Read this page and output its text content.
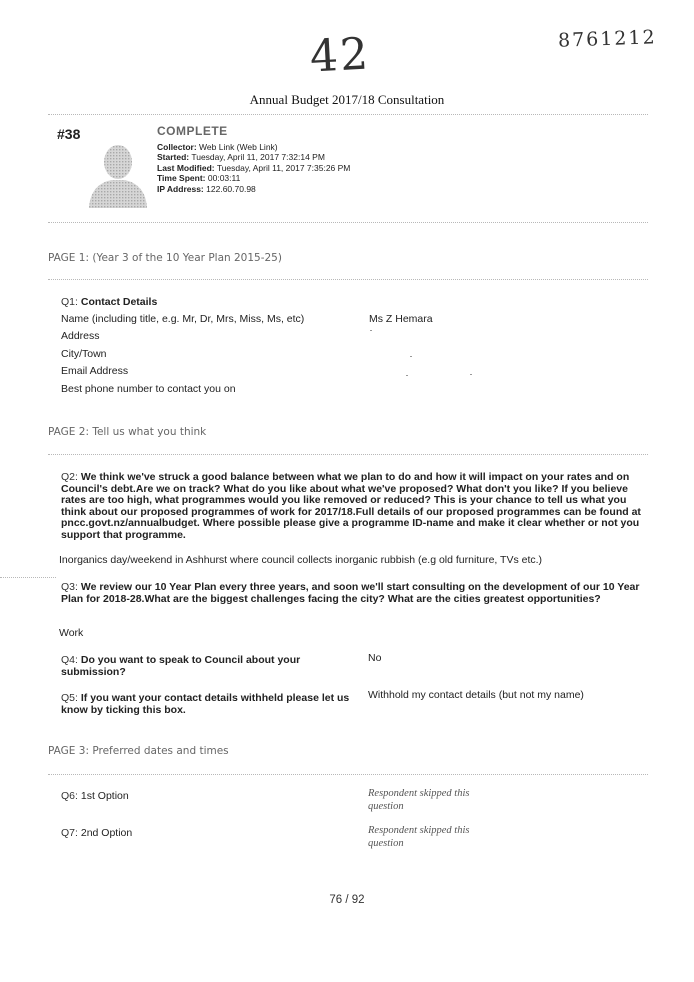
42	8761212
Annual Budget 2017/18 Consultation
#38	COMPLETE
Collector: Web Link (Web Link)
Started: Tuesday, April 11, 2017 7:32:14 PM
Last Modified: Tuesday, April 11, 2017 7:35:26 PM
Time Spent: 00:03:11
IP Address: 122.60.70.98
PAGE 1: (Year 3 of the 10 Year Plan 2015-25)
Q1: Contact Details
Name (including title, e.g. Mr, Dr, Mrs, Miss, Ms, etc)	Ms Z Hemara
Address
City/Town
Email Address
Best phone number to contact you on
PAGE 2: Tell us what you think
Q2: We think we've struck a good balance between what we plan to do and how it will impact on your rates and on Council's debt.Are we on track? What do you like about what we've proposed? What don't you like? If you believe rates are too high, what programmes would you like removed or reduced? This is your chance to tell us what you think about our proposed programmes of work for 2017/18.Full details of our proposed programmes can be found at pncc.govt.nz/annualbudget. Where possible please give a programme ID-name and make it clear whether or not you support that programme.
Inorganics day/weekend in Ashhurst where council collects inorganic rubbish (e.g old furniture, TVs etc.)
Q3: We review our 10 Year Plan every three years, and soon we'll start consulting on the development of our 10 Year Plan for 2018-28.What are the biggest challenges facing the city? What are the cities greatest opportunities?
Work
Q4: Do you want to speak to Council about your submission?
No
Q5: If you want your contact details withheld please let us know by ticking this box.
Withhold my contact details (but not my name)
PAGE 3: Preferred dates and times
Q6: 1st Option	Respondent skipped this question
Q7: 2nd Option	Respondent skipped this question
76 / 92
